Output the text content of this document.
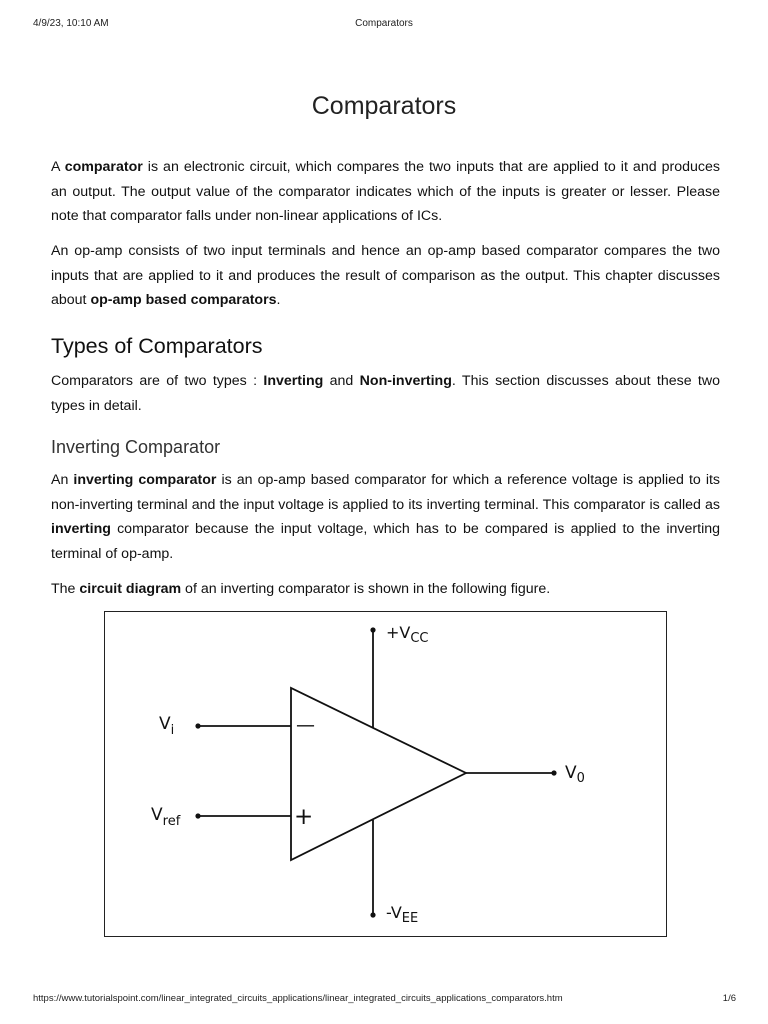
4/9/23, 10:10 AM	Comparators
Comparators

A comparator is an electronic circuit, which compares the two inputs that are applied to it and produces an output. The output value of the comparator indicates which of the inputs is greater or lesser. Please note that comparator falls under non-linear applications of ICs.

An op-amp consists of two input terminals and hence an op-amp based comparator compares the two inputs that are applied to it and produces the result of comparison as the output. This chapter discusses about op-amp based comparators.

Types of Comparators

Comparators are of two types : Inverting and Non-inverting. This section discusses about these two types in detail.

Inverting Comparator

An inverting comparator is an op-amp based comparator for which a reference voltage is applied to its non-inverting terminal and the input voltage is applied to its inverting terminal. This comparator is called as inverting comparator because the input voltage, which has to be compared is applied to the inverting terminal of op-amp.

The circuit diagram of an inverting comparator is shown in the following figure.

—
+
$+V_{CC}$
$-V_{EE}$
$V_i$
$V_{ref}$
$V_0$
https://www.tutorialspoint.com/linear_integrated_circuits_applications/linear_integrated_circuits_applications_comparators.htm	1/6
